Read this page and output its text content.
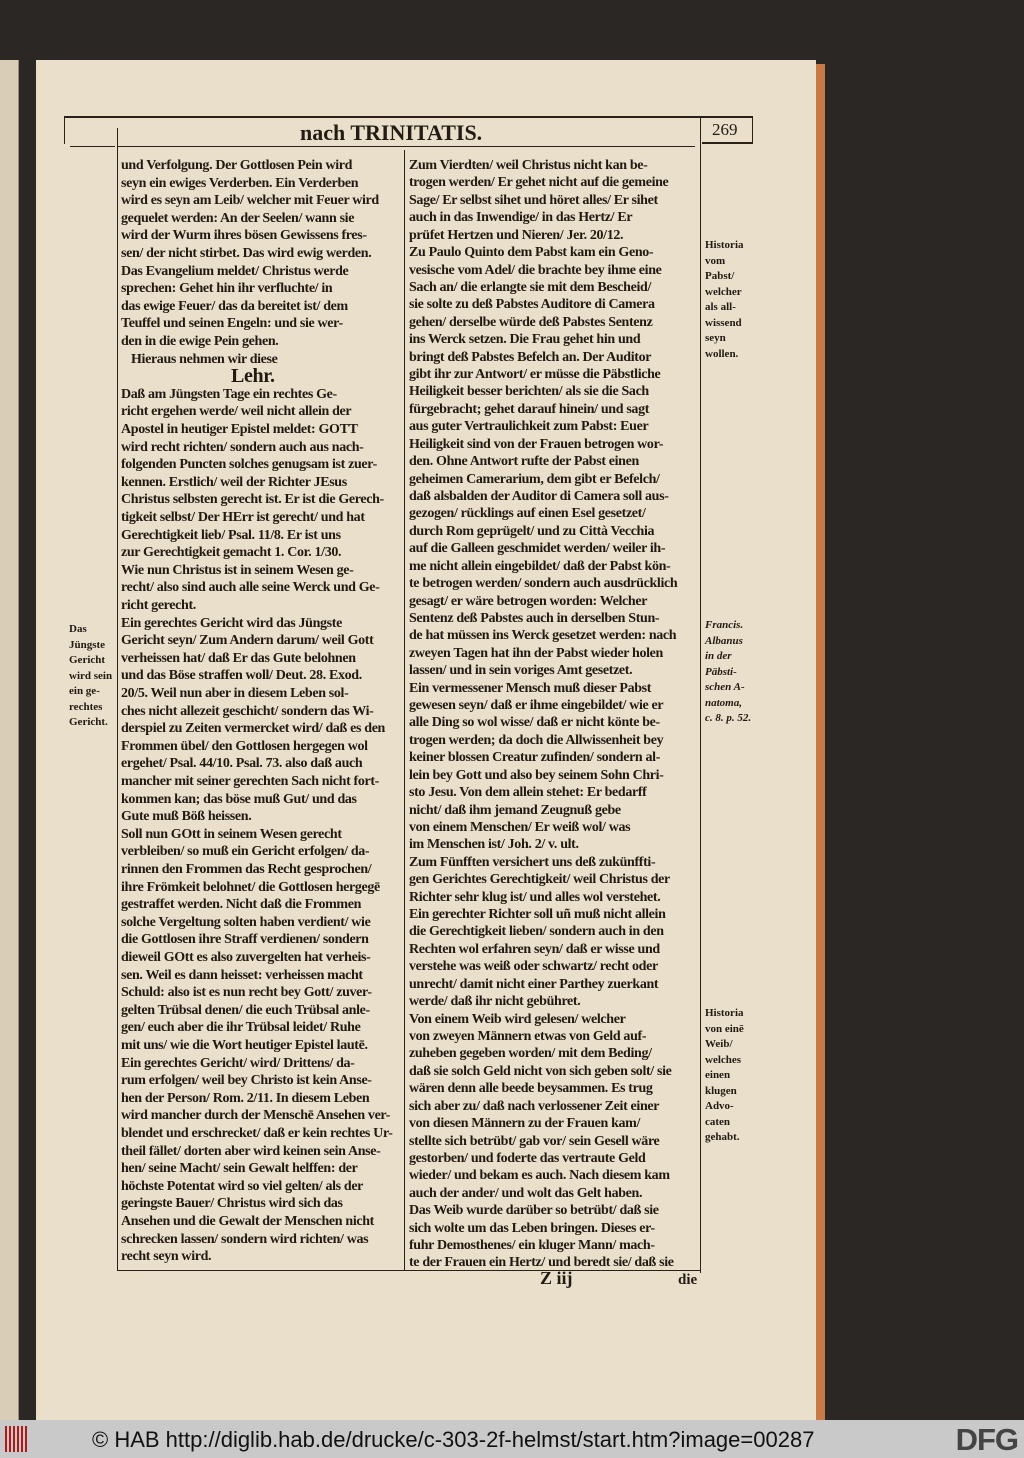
nach TRINITATIS.	269
und Verfolgung. Der Gottlosen Pein wird
seyn ein ewiges Verderben. Ein Verderben
wird es seyn am Leib/ welcher mit Feuer wird
gequelet werden: An der Seelen/ wann sie
wird der Wurm ihres bösen Gewissens fres-
sen/ der nicht stirbet. Das wird ewig werden.
Das Evangelium meldet/ Christus werde
sprechen: Gehet hin ihr verfluchte/ in
das ewige Feuer/ das da bereitet ist/ dem
Teuffel und seinen Engeln: und sie wer-
den in die ewige Pein gehen.
Hieraus nehmen wir diese
Lehr.
Daß am Jüngsten Tage ein rechtes Ge-
richt ergehen werde/ weil nicht allein der
Apostel in heutiger Epistel meldet: GOTT
wird recht richten/ sondern auch aus nach-
folgenden Puncten solches genugsam ist zuer-
kennen. Erstlich/ weil der Richter JEsus
Christus selbsten gerecht ist. Er ist die Gerech-
tigkeit selbst/ Der HErr ist gerecht/ und hat
Gerechtigkeit lieb/ Psal. 11/8. Er ist uns
zur Gerechtigkeit gemacht 1. Cor. 1/30.
Wie nun Christus ist in seinem Wesen ge-
recht/ also sind auch alle seine Werck und Ge-
richt gerecht.
Ein gerechtes Gericht wird das Jüngste
Gericht seyn/ Zum Andern darum/ weil Gott
verheissen hat/ daß Er das Gute belohnen
und das Böse straffen woll/ Deut. 28. Exod.
20/5. Weil nun aber in diesem Leben sol-
ches nicht allezeit geschicht/ sondern das Wi-
derspiel zu Zeiten vermercket wird/ daß es den
Frommen übel/ den Gottlosen hergegen wol
ergehet/ Psal. 44/10. Psal. 73. also daß auch
mancher mit seiner gerechten Sach nicht fort-
kommen kan; das böse muß Gut/ und das
Gute muß Böß heissen.
Soll nun GOtt in seinem Wesen gerecht
verbleiben/ so muß ein Gericht erfolgen/ da-
rinnen den Frommen das Recht gesprochen/
ihre Frömkeit belohnet/ die Gottlosen hergegē
gestraffet werden. Nicht daß die Frommen
solche Vergeltung solten haben verdient/ wie
die Gottlosen ihre Straff verdienen/ sondern
dieweil GOtt es also zuvergelten hat verheis-
sen. Weil es dann heisset: verheissen macht
Schuld: also ist es nun recht bey Gott/ zuver-
gelten Trübsal denen/ die euch Trübsal anle-
gen/ euch aber die ihr Trübsal leidet/ Ruhe
mit uns/ wie die Wort heutiger Epistel lautē.
Ein gerechtes Gericht/ wird/ Drittens/ da-
rum erfolgen/ weil bey Christo ist kein Anse-
hen der Person/ Rom. 2/11. In diesem Leben
wird mancher durch der Menschē Ansehen ver-
blendet und erschrecket/ daß er kein rechtes Ur-
theil fället/ dorten aber wird keinen sein Anse-
hen/ seine Macht/ sein Gewalt helffen: der
höchste Potentat wird so viel gelten/ als der
geringste Bauer/ Christus wird sich das
Ansehen und die Gewalt der Menschen nicht
schrecken lassen/ sondern wird richten/ was
recht seyn wird.
Zum Vierdten/ weil Christus nicht kan be-
trogen werden/ Er gehet nicht auf die gemeine
Sage/ Er selbst sihet und höret alles/ Er sihet
auch in das Inwendige/ in das Hertz/ Er
prüfet Hertzen und Nieren/ Jer. 20/12.
Zu Paulo Quinto dem Pabst kam ein Geno-
vesische vom Adel/ die brachte bey ihme eine
Sach an/ die erlangte sie mit dem Bescheid/
sie solte zu deß Pabstes Auditore di Camera
gehen/ derselbe würde deß Pabstes Sentenz
ins Werck setzen. Die Frau gehet hin und
bringt deß Pabstes Befelch an. Der Auditor
gibt ihr zur Antwort/ er müsse die Päbstliche
Heiligkeit besser berichten/ als sie die Sach
fürgebracht; gehet darauf hinein/ und sagt
aus guter Vertraulichkeit zum Pabst: Euer
Heiligkeit sind von der Frauen betrogen wor-
den. Ohne Antwort rufte der Pabst einen
geheimen Camerarium, dem gibt er Befelch/
daß alsbalden der Auditor di Camera soll aus-
gezogen/ rücklings auf einen Esel gesetzet/
durch Rom geprügelt/ und zu Città Vecchia
auf die Galleen geschmidet werden/ weiler ih-
me nicht allein eingebildet/ daß der Pabst kön-
te betrogen werden/ sondern auch ausdrücklich
gesagt/ er wäre betrogen worden: Welcher
Sentenz deß Pabstes auch in derselben Stun-
de hat müssen ins Werck gesetzet werden: nach
zweyen Tagen hat ihn der Pabst wieder holen
lassen/ und in sein voriges Amt gesetzet.
Ein vermessener Mensch muß dieser Pabst
gewesen seyn/ daß er ihme eingebildet/ wie er
alle Ding so wol wisse/ daß er nicht könte be-
trogen werden; da doch die Allwissenheit bey
keiner blossen Creatur zufinden/ sondern al-
lein bey Gott und also bey seinem Sohn Chri-
sto Jesu. Von dem allein stehet: Er bedarff
nicht/ daß ihm jemand Zeugnuß gebe
von einem Menschen/ Er weiß wol/ was
im Menschen ist/ Joh. 2/ v. ult.
Zum Fünfften versichert uns deß zukünffti-
gen Gerichtes Gerechtigkeit/ weil Christus der
Richter sehr klug ist/ und alles wol verstehet.
Ein gerechter Richter soll uñ muß nicht allein
die Gerechtigkeit lieben/ sondern auch in den
Rechten wol erfahren seyn/ daß er wisse und
verstehe was weiß oder schwartz/ recht oder
unrecht/ damit nicht einer Parthey zuerkant
werde/ daß ihr nicht gebühret.
Von einem Weib wird gelesen/ welcher
von zweyen Männern etwas von Geld auf-
zuheben gegeben worden/ mit dem Beding/
daß sie solch Geld nicht von sich geben solt/ sie
wären denn alle beede beysammen. Es trug
sich aber zu/ daß nach verlossener Zeit einer
von diesen Männern zu der Frauen kam/
stellte sich betrübt/ gab vor/ sein Gesell wäre
gestorben/ und foderte das vertraute Geld
wieder/ und bekam es auch. Nach diesem kam
auch der ander/ und wolt das Gelt haben.
Das Weib wurde darüber so betrübt/ daß sie
sich wolte um das Leben bringen. Dieses er-
fuhr Demosthenes/ ein kluger Mann/ mach-
te der Frauen ein Hertz/ und beredt sie/ daß sie
Das
Jüngste
Gericht
wird sein
ein ge-
rechtes
Gericht.
Historia
vom
Pabst/
welcher
als all-
wissend
seyn
wollen.
Francis.
Albanus
in der
Päbsti-
schen A-
natoma,
c. 8. p. 52.
Historia
von einē
Weib/
welches
einen
klugen
Advo-
caten
gehabt.
Z iij	die
© HAB http://diglib.hab.de/drucke/c-303-2f-helmst/start.htm?image=00287	DFG
